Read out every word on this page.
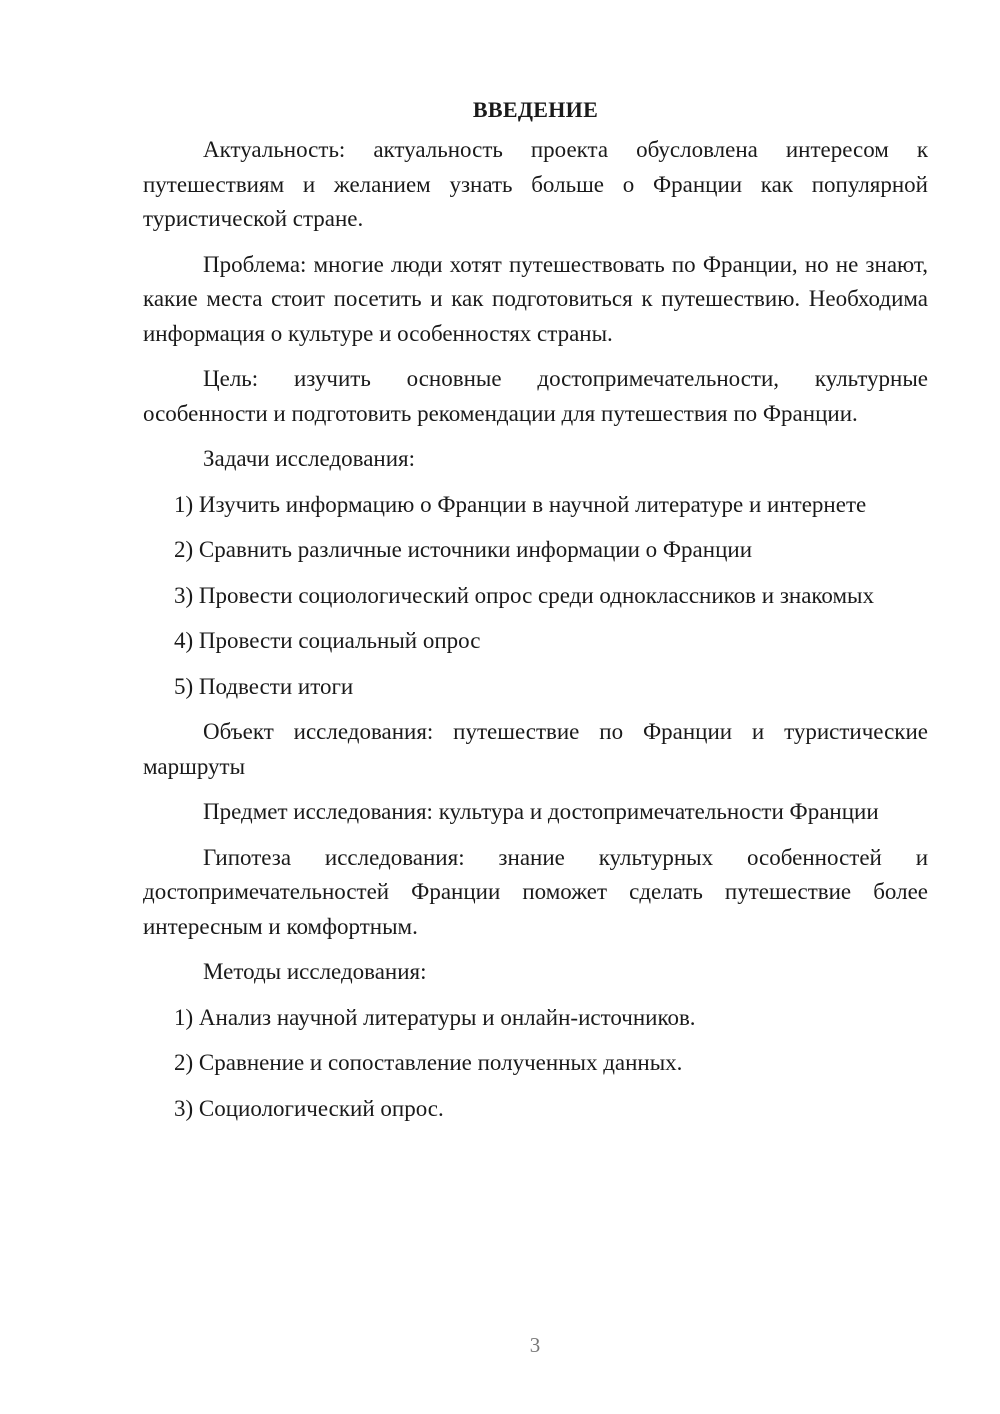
ВВЕДЕНИЕ

Актуальность: актуальность проекта обусловлена интересом к путешествиям и желанием узнать больше о Франции как популярной туристической стране.

Проблема: многие люди хотят путешествовать по Франции, но не знают, какие места стоит посетить и как подготовиться к путешествию. Необходима информация о культуре и особенностях страны.

Цель: изучить основные достопримечательности, культурные особенности и подготовить рекомендации для путешествия по Франции.

Задачи исследования:

1) Изучить информацию о Франции в научной литературе и интернете

2) Сравнить различные источники информации о Франции

3) Провести социологический опрос среди одноклассников и знакомых

4) Провести социальный опрос

5) Подвести итоги

Объект исследования: путешествие по Франции и туристические маршруты

Предмет исследования: культура и достопримечательности Франции

Гипотеза исследования: знание культурных особенностей и достопримечательностей Франции поможет сделать путешествие более интересным и комфортным.

Методы исследования:

1) Анализ научной литературы и онлайн-источников.

2) Сравнение и сопоставление полученных данных.

3) Социологический опрос.

3
